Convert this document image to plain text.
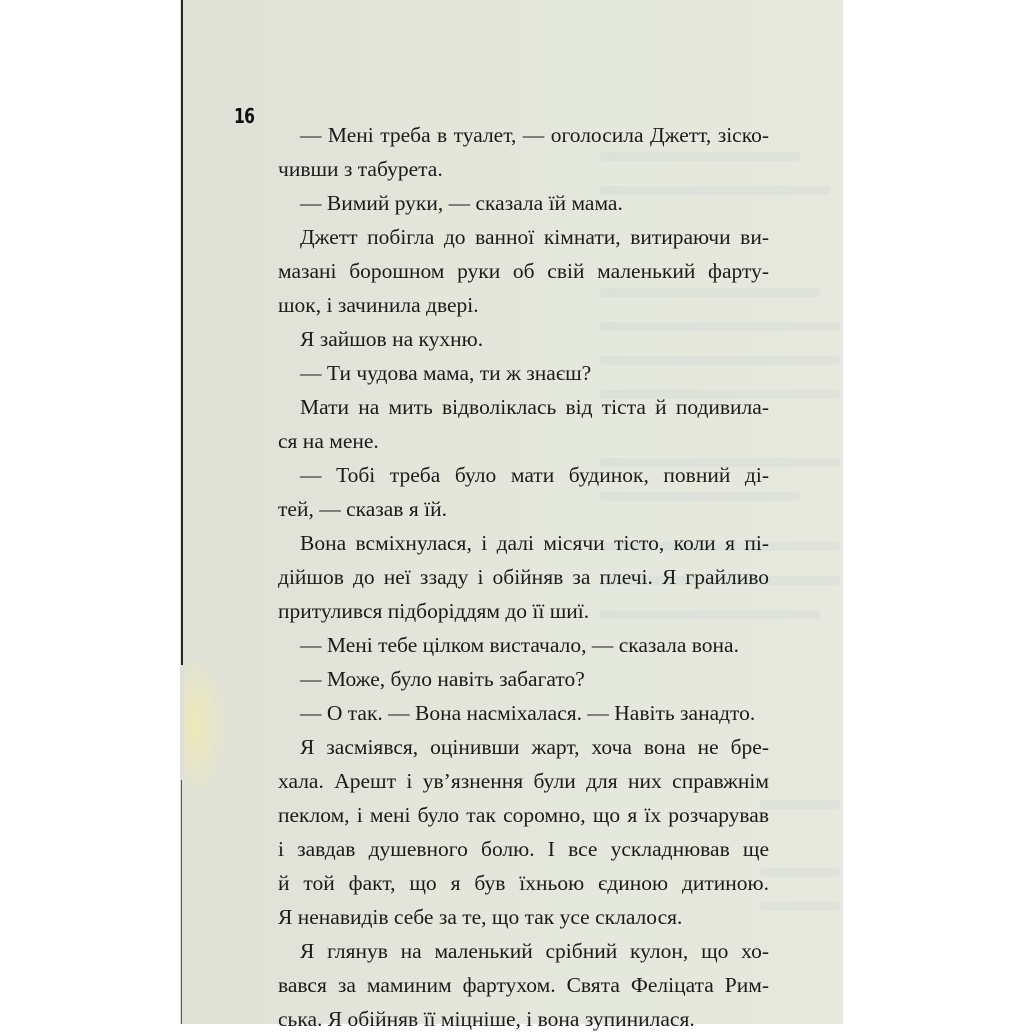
16
— Мені треба в туалет, — оголосила Джетт, зіско-
чивши з табурета.
— Вимий руки, — сказала їй мама.
Джетт побігла до ванної кімнати, витираючи ви-
мазані борошном руки об свій маленький фарту-
шок, і зачинила двері.
Я зайшов на кухню.
— Ти чудова мама, ти ж знаєш?
Мати на мить відволіклась від тіста й подивила-
ся на мене.
— Тобі треба було мати будинок, повний ді-
тей, — сказав я їй.
Вона всміхнулася, і далі місячи тісто, коли я пі-
дійшов до неї ззаду і обійняв за плечі. Я грайливо
притулився підборіддям до її шиї.
— Мені тебе цілком вистачало, — сказала вона.
— Може, було навіть забагато?
— О так. — Вона насміхалася. — Навіть занадто.
Я засміявся, оцінивши жарт, хоча вона не бре-
хала. Арешт і ув’язнення були для них справжнім
пеклом, і мені було так соромно, що я їх розчарував
і завдав душевного болю. І все ускладнював ще
й той факт, що я був їхньою єдиною дитиною.
Я ненавидів себе за те, що так усе склалося.
Я глянув на маленький срібний кулон, що хо-
вався за маминим фартухом. Свята Феліцата Рим-
ська. Я обійняв її міцніше, і вона зупинилася.
